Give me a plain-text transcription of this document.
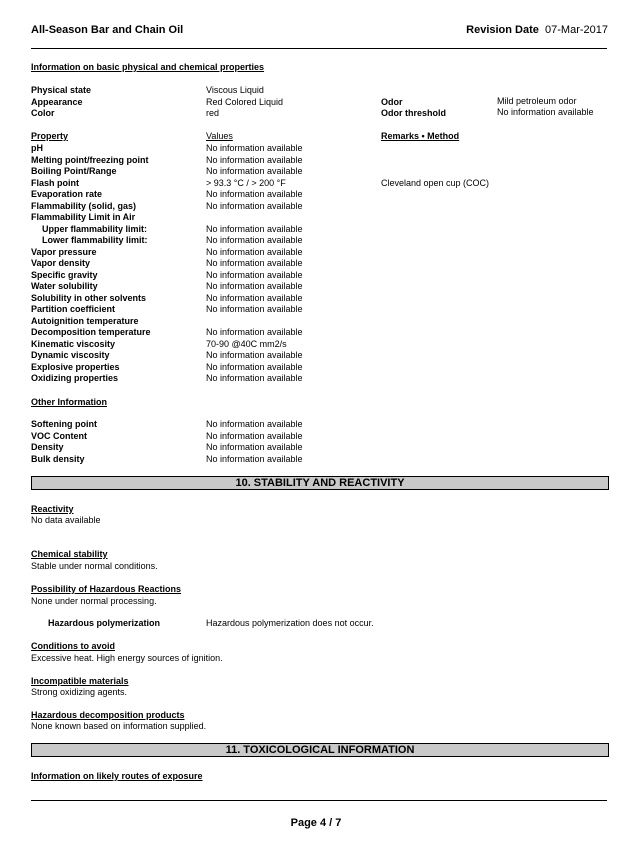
All-Season Bar and Chain Oil	Revision Date 07-Mar-2017
Information on basic physical and chemical properties
Physical state	Viscous Liquid
Appearance	Red Colored Liquid
Color	red
Odor	Mild petroleum odor
Odor threshold	No information available
Property	Values	Remarks • Method
pH	No information available
Melting point/freezing point	No information available
Boiling Point/Range	No information available
Flash point	> 93.3 °C / > 200 °F	Cleveland open cup (COC)
Evaporation rate	No information available
Flammability (solid, gas)	No information available
Flammability Limit in Air
Upper flammability limit:	No information available
Lower flammability limit:	No information available
Vapor pressure	No information available
Vapor density	No information available
Specific gravity	No information available
Water solubility	No information available
Solubility in other solvents	No information available
Partition coefficient	No information available
Autoignition temperature
Decomposition temperature	No information available
Kinematic viscosity	70-90 @40C mm2/s
Dynamic viscosity	No information available
Explosive properties	No information available
Oxidizing properties	No information available
Other Information
Softening point	No information available
VOC Content	No information available
Density	No information available
Bulk density	No information available
10. STABILITY AND REACTIVITY
Reactivity
No data available
Chemical stability
Stable under normal conditions.
Possibility of Hazardous Reactions
None under normal processing.
Hazardous polymerization	Hazardous polymerization does not occur.
Conditions to avoid
Excessive heat. High energy sources of ignition.
Incompatible materials
Strong oxidizing agents.
Hazardous decomposition products
None known based on information supplied.
11. TOXICOLOGICAL INFORMATION
Information on likely routes of exposure
Page 4 / 7
